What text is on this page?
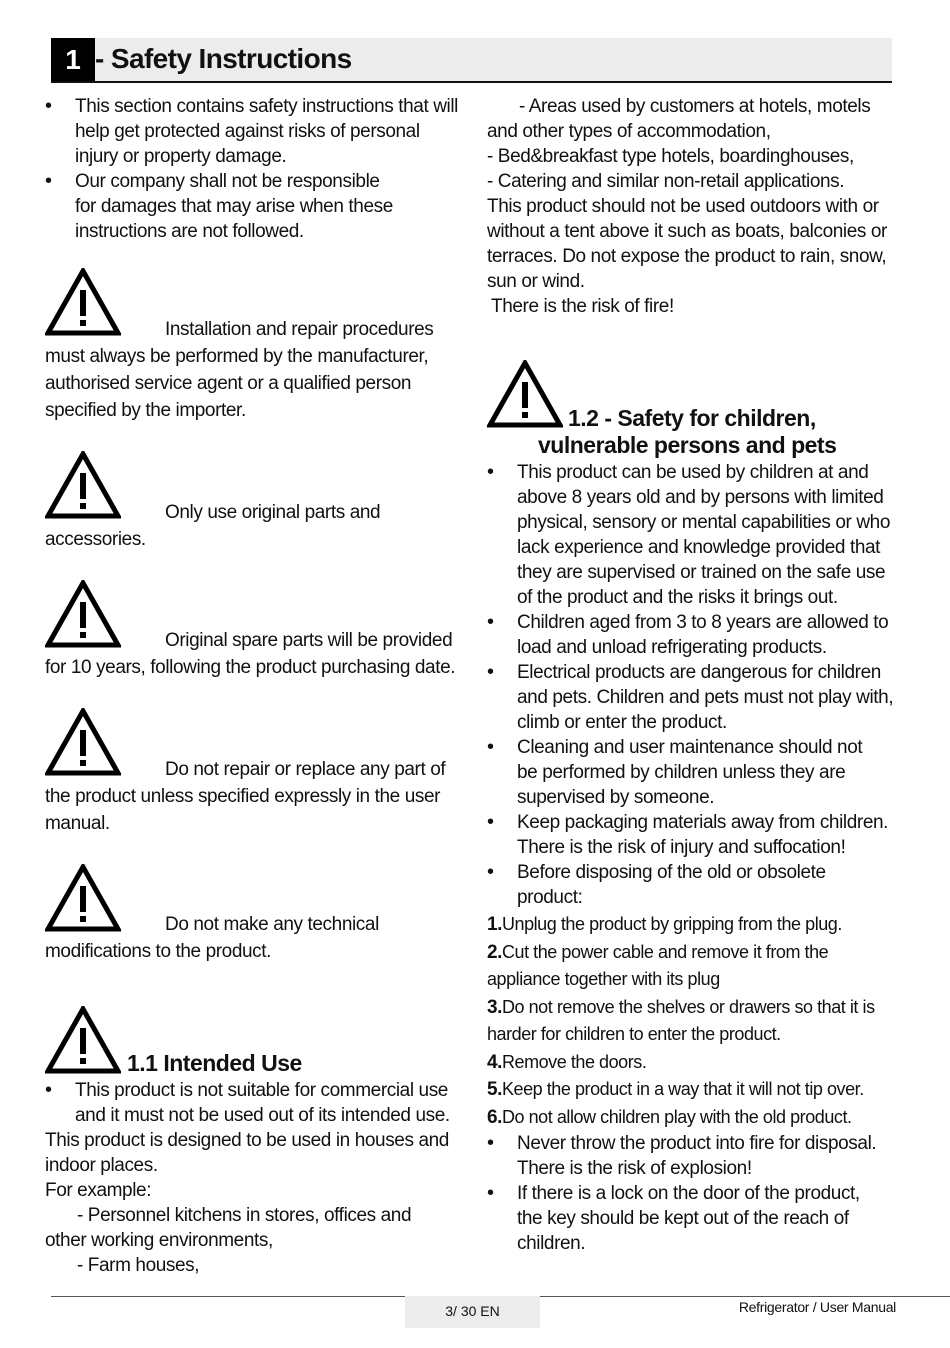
1 - Safety Instructions
• This section contains safety instructions that will help get protected against risks of personal injury or property damage.
• Our company shall not be responsible for damages that may arise when these instructions are not followed.
Installation and repair procedures
must always be performed by the manufacturer, authorised service agent or a qualified person specified by the importer.
Only use original parts and
accessories.
Original spare parts will be provided
for 10 years, following the product purchasing date.
Do not repair or replace any part of
the product unless specified expressly in the user manual.
Do not make any technical
modifications to the product.
1.1 Intended Use
• This product is not suitable for commercial use and it must not be used out of its intended use.
This product is designed to be used in houses and indoor places.
For example:
- Personnel kitchens in stores, offices and
other working environments,
- Farm houses,
- Areas used by customers at hotels, motels
and other types of accommodation,
- Bed&breakfast type hotels, boardinghouses,
- Catering and similar non-retail applications.
This product should not be used outdoors with or without a tent above it such as boats, balconies or terraces. Do not expose the product to rain, snow, sun or wind.
There is the risk of fire!
1.2 - Safety for children,
vulnerable persons and pets
• This product can be used by children at and above 8 years old and by persons with limited physical, sensory or mental capabilities or who lack experience and knowledge provided that they are supervised or trained on the safe use of the product and the risks it brings out.
• Children aged from 3 to 8 years are allowed to load and unload refrigerating products.
• Electrical products are dangerous for children and pets. Children and pets must not play with, climb or enter the product.
• Cleaning and user maintenance should not be performed by children unless they are supervised by someone.
• Keep packaging materials away from children. There is the risk of injury and suffocation!
• Before disposing of the old or obsolete product:
1.Unplug the product by gripping from the plug.
2.Cut the power cable and remove it from the appliance together with its plug
3.Do not remove the shelves or drawers so that it is harder for children to enter the product.
4.Remove the doors.
5.Keep the product in a way that it will not tip over.
6.Do not allow children play with the old product.
• Never throw the product into fire for disposal. There is the risk of explosion!
• If there is a lock on the door of the product, the key should be kept out of the reach of children.
3/ 30 EN	Refrigerator / User Manual
